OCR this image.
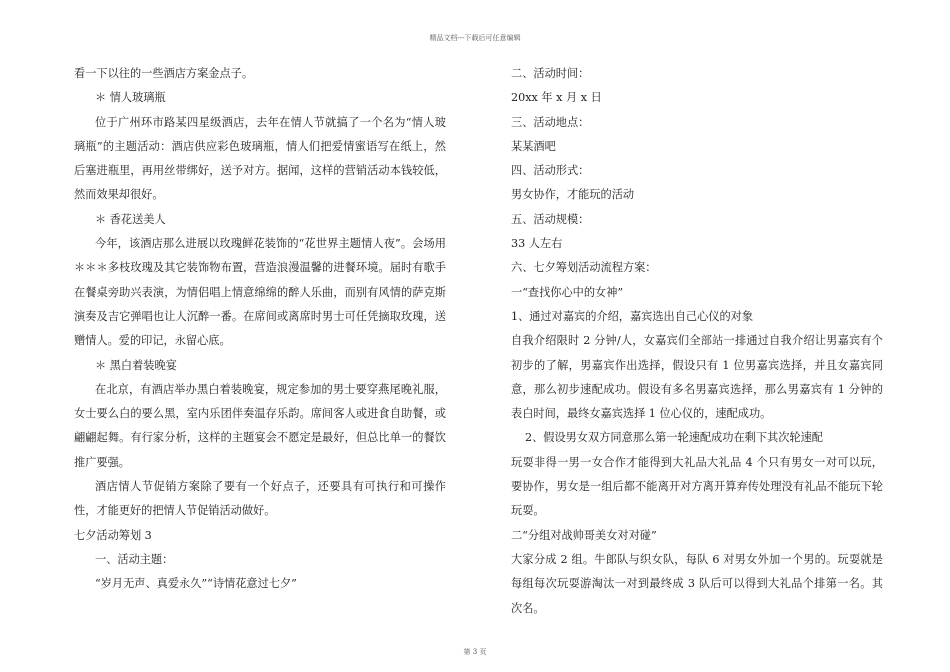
精品文档---下载后可任意编辑

看一下以往的一些酒店方案金点子。

＊ 情人玻璃瓶

位于广州环市路某四星级酒店，去年在情人节就搞了一个名为“情人玻璃瓶”的主题活动：酒店供应彩色玻璃瓶，情人们把爱情蜜语写在纸上，然后塞进瓶里，再用丝带绑好，送予对方。据闻，这样的营销活动本钱较低，然而效果却很好。

＊ 香花送美人

今年，该酒店那么进展以玫瑰鲜花装饰的“花世界主题情人夜”。会场用＊＊＊多枝玫瑰及其它装饰物布置，营造浪漫温馨的进餐环境。届时有歌手在餐桌旁助兴表演，为情侣唱上情意绵绵的醉人乐曲，而别有风情的萨克斯演奏及吉它弹唱也让人沉醉一番。在席间或离席时男士可任凭摘取玫瑰，送赠情人。爱的印记，永留心底。

＊ 黑白着装晚宴

在北京，有酒店举办黑白着装晚宴，规定参加的男士要穿燕尾晚礼服，女士要么白的要么黑，室内乐团伴奏温存乐韵。席间客人或进食自助餐，或翩翩起舞。有行家分析，这样的主题宴会不愿定是最好，但总比单一的餐饮推广要强。

酒店情人节促销方案除了要有一个好点子，还要具有可执行和可操作性，才能更好的把情人节促销活动做好。

七夕活动筹划 3

一、活动主题：

“岁月无声、真爱永久”“诗情花意过七夕”

二、活动时间：

20xx 年 x 月 x 日

三、活动地点：

某某酒吧

四、活动形式：

男女协作，才能玩的活动

五、活动规模：

33 人左右

六、七夕筹划活动流程方案：

一“查找你心中的女神”

1、通过对嘉宾的介绍，嘉宾选出自己心仪的对象

自我介绍限时 2 分钟/人，女嘉宾们全部站一排通过自我介绍让男嘉宾有个初步的了解，男嘉宾作出选择，假设只有 1 位男嘉宾选择，并且女嘉宾同意，那么初步速配成功。假设有多名男嘉宾选择，那么男嘉宾有 1 分钟的表白时间，最终女嘉宾选择 1 位心仪的，速配成功。

2、假设男女双方同意那么第一轮速配成功在剩下其次轮速配

玩耍非得一男一女合作才能得到大礼品大礼品 4 个只有男女一对可以玩，要协作，男女是一组后都不能离开对方离开算弃传处理没有礼品不能玩下轮玩耍。

二“分组对战帅哥美女对对碰”

大家分成 2 组。牛郎队与织女队，每队 6 对男女外加一个男的。玩耍就是每组每次玩耍游淘汰一对到最终成 3 队后可以得到大礼品个排第一名。其次名。

第 3 页
